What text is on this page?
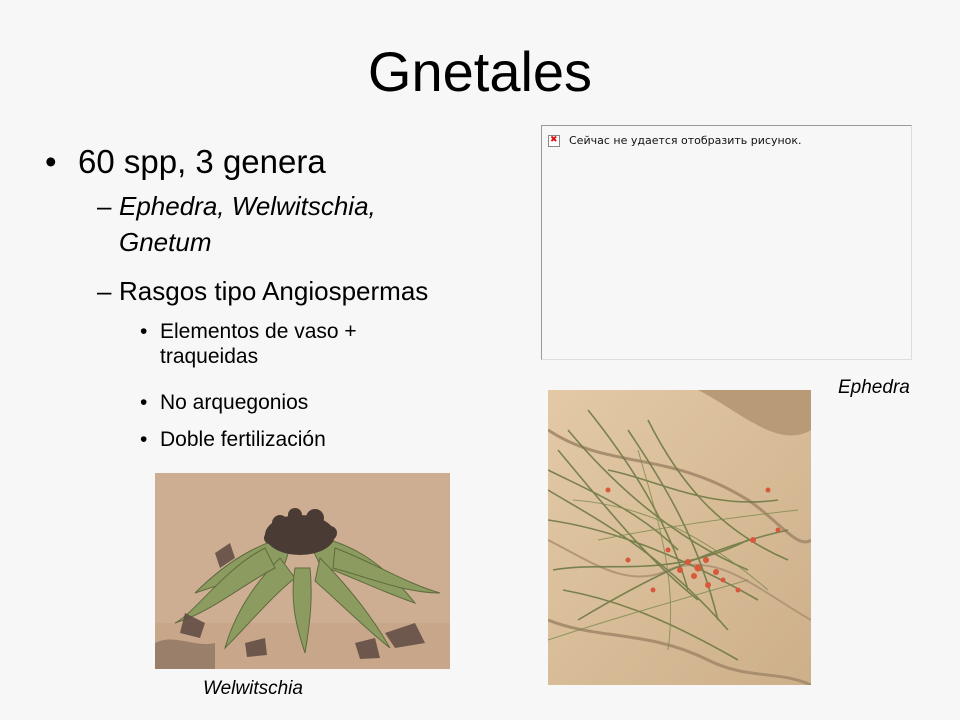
Gnetales
• 60 spp, 3 genera
– Ephedra, Welwitschia,
Gnetum
– Rasgos tipo Angiospermas
• Elementos de vaso +
traqueidas
• No arquegonios
• Doble fertilización
✖
Сейчас не удается отобразить рисунок.
Ephedra
Welwitschia
